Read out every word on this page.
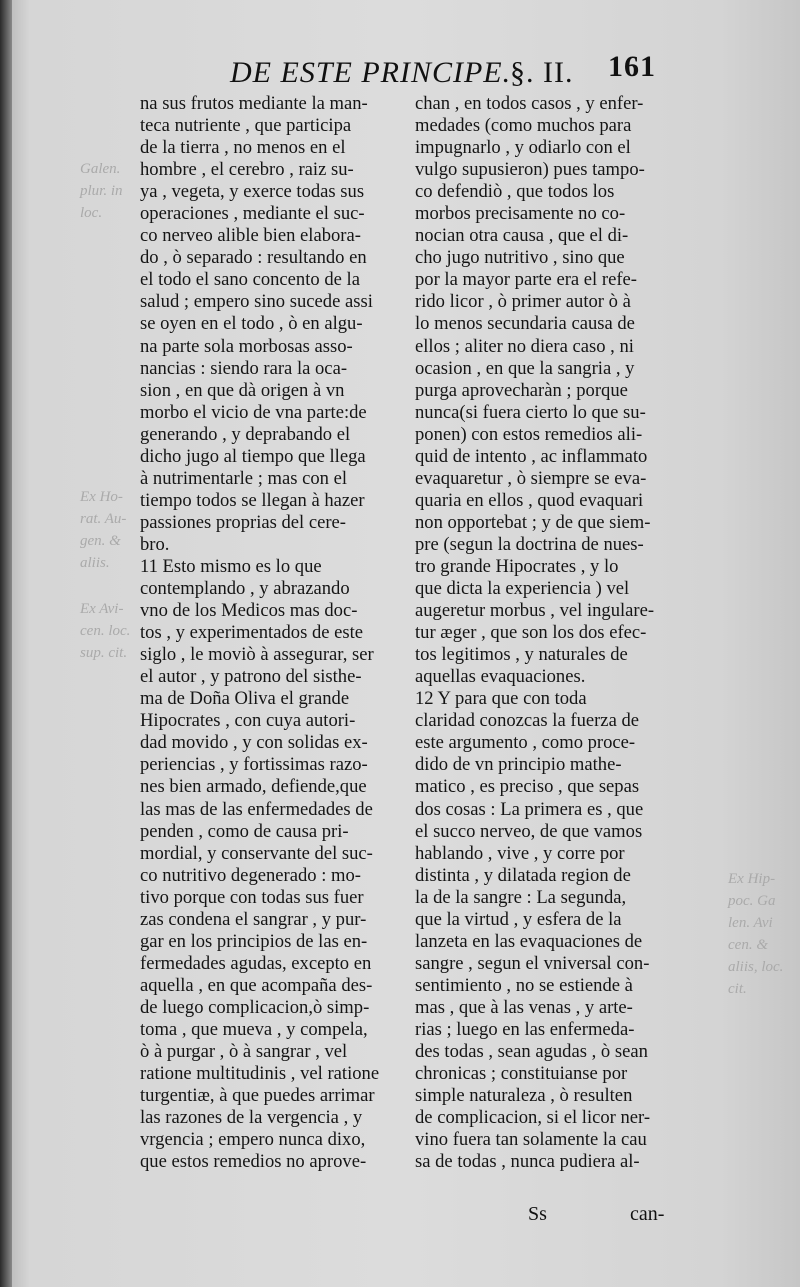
DE ESTE PRINCIPE.
§. II. 161
Galen.
plur. in
loc.
Ex Ho-
rat. Au-
gen. &
aliis.
Ex Avi-
cen. loc.
sup. cit.
Ex Hip-
poc. Ga
len. Avi
cen. &
aliis, loc.
cit.
na sus frutos mediante la man-
teca nutriente , que participa
de la tierra , no menos en el
hombre , el cerebro , raiz su-
ya , vegeta, y exerce todas sus
operaciones , mediante el suc-
co nerveo alible bien elabora-
do , ò separado : resultando en
el todo el sano concento de la
salud ; empero sino sucede assi
se oyen en el todo , ò en algu-
na parte sola morbosas asso-
nancias : siendo rara la oca-
sion , en que dà origen à vn
morbo el vicio de vna parte:de
generando , y deprabando el
dicho jugo al tiempo que llega
à nutrimentarle ; mas con el
tiempo todos se llegan à hazer
passiones proprias del cere-
bro.
11 Esto mismo es lo que
contemplando , y abrazando
vno de los Medicos mas doc-
tos , y experimentados de este
siglo , le moviò à assegurar, ser
el autor , y patrono del sisthe-
ma de Doña Oliva el grande
Hipocrates , con cuya autori-
dad movido , y con solidas ex-
periencias , y fortissimas razo-
nes bien armado, defiende,que
las mas de las enfermedades de
penden , como de causa pri-
mordial, y conservante del suc-
co nutritivo degenerado : mo-
tivo porque con todas sus fuer
zas condena el sangrar , y pur-
gar en los principios de las en-
fermedades agudas, excepto en
aquella , en que acompaña des-
de luego complicacion,ò simp-
toma , que mueva , y compela,
ò à purgar , ò à sangrar , vel
ratione multitudinis , vel ratione
turgentiæ, à que puedes arrimar
las razones de la vergencia , y
vrgencia ; empero nunca dixo,
que estos remedios no aprove-
chan , en todos casos , y enfer-
medades (como muchos para
impugnarlo , y odiarlo con el
vulgo supusieron) pues tampo-
co defendiò , que todos los
morbos precisamente no co-
nocian otra causa , que el di-
cho jugo nutritivo , sino que
por la mayor parte era el refe-
rido licor , ò primer autor ò à
lo menos secundaria causa de
ellos ; aliter no diera caso , ni
ocasion , en que la sangria , y
purga aprovecharàn ; porque
nunca(si fuera cierto lo que su-
ponen) con estos remedios ali-
quid de intento , ac inflammato
evaquaretur , ò siempre se eva-
quaria en ellos , quod evaquari
non opportebat ; y de que siem-
pre (segun la doctrina de nues-
tro grande Hipocrates , y lo
que dicta la experiencia ) vel
augeretur morbus , vel ingulare-
tur æger , que son los dos efec-
tos legitimos , y naturales de
aquellas evaquaciones.
12 Y para que con toda
claridad conozcas la fuerza de
este argumento , como proce-
dido de vn principio mathe-
matico , es preciso , que sepas
dos cosas : La primera es , que
el succo nerveo, de que vamos
hablando , vive , y corre por
distinta , y dilatada region de
la de la sangre : La segunda,
que la virtud , y esfera de la
lanzeta en las evaquaciones de
sangre , segun el vniversal con-
sentimiento , no se estiende à
mas , que à las venas , y arte-
rias ; luego en las enfermeda-
des todas , sean agudas , ò sean
chronicas ; constituianse por
simple naturaleza , ò resulten
de complicacion, si el licor ner-
vino fuera tan solamente la cau
sa de todas , nunca pudiera al-
Ss	can-
